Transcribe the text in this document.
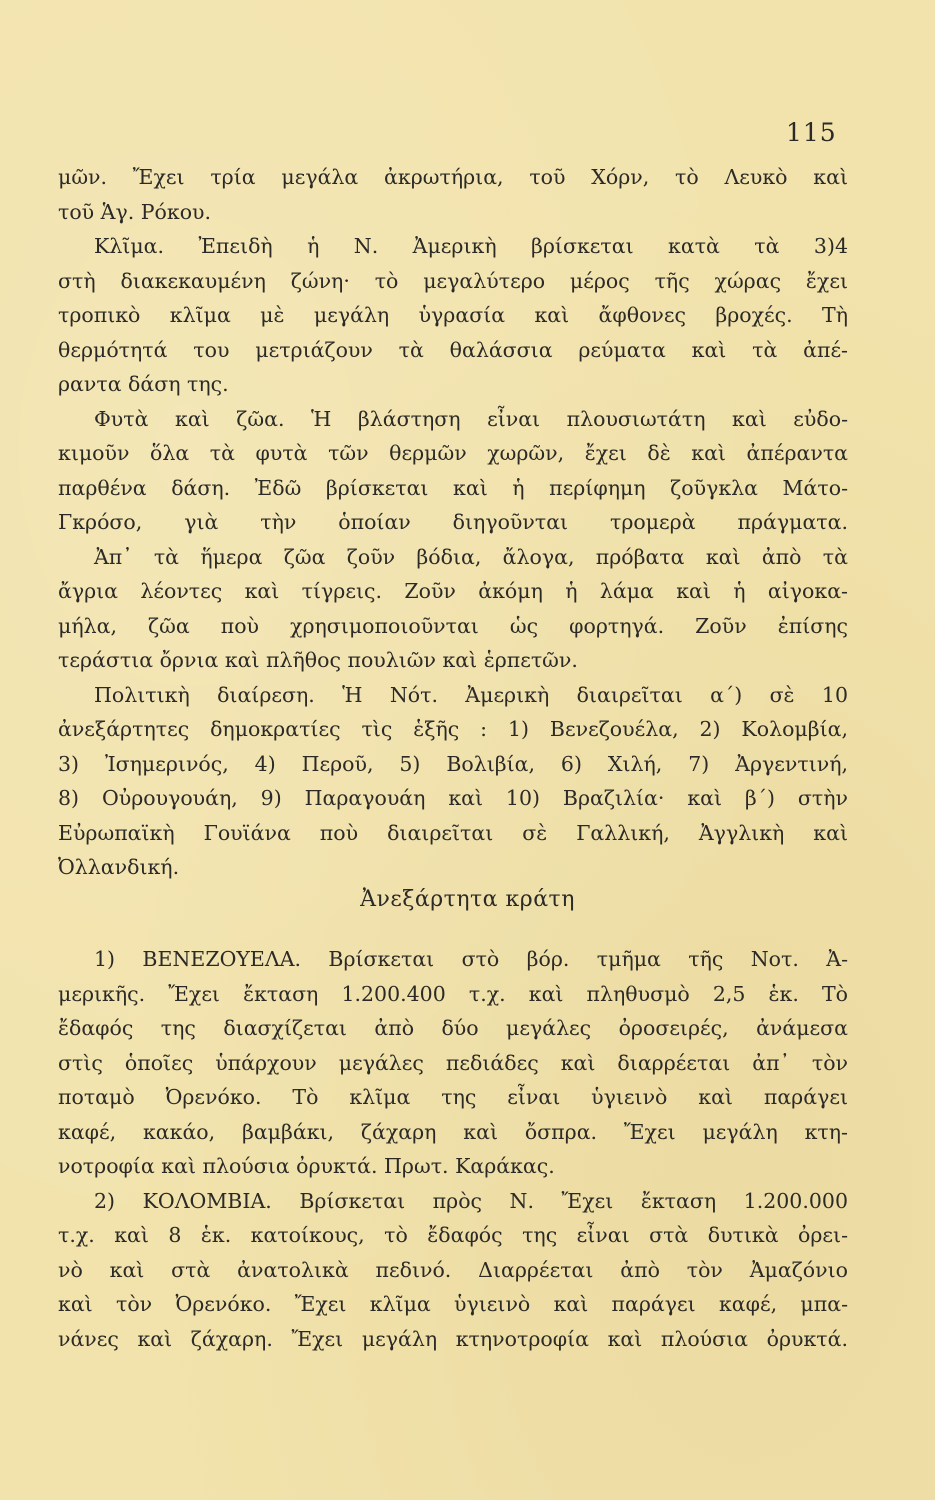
115
μῶν. Ἔχει τρία μεγάλα ἀκρωτήρια, τοῦ Χόρν, τὸ Λευκὸ καὶ
τοῦ Ἁγ. Ρόκου.
Κλῖμα. Ἐπειδὴ ἡ Ν. Ἀμερικὴ βρίσκεται κατὰ τὰ 3)4
στὴ διακεκαυμένη ζώνη· τὸ μεγαλύτερο μέρος τῆς χώρας ἔχει
τροπικὸ κλῖμα μὲ μεγάλη ὑγρασία καὶ ἄφθονες βροχές. Τὴ
θερμότητά του μετριάζουν τὰ θαλάσσια ρεύματα καὶ τὰ ἀπέ-
ραντα δάση της.
Φυτὰ καὶ ζῶα. Ἡ βλάστηση εἶναι πλουσιωτάτη καὶ εὐδο-
κιμοῦν ὅλα τὰ φυτὰ τῶν θερμῶν χωρῶν, ἔχει δὲ καὶ ἀπέραντα
παρθένα δάση. Ἐδῶ βρίσκεται καὶ ἡ περίφημη ζοῦγκλα Μάτο-
Γκρόσο, γιὰ τὴν ὁποίαν διηγοῦνται τρομερὰ πράγματα.
Ἀπ᾿ τὰ ἥμερα ζῶα ζοῦν βόδια, ἄλογα, πρόβατα καὶ ἀπὸ τὰ
ἄγρια λέοντες καὶ τίγρεις. Ζοῦν ἀκόμη ἡ λάμα καὶ ἡ αἰγοκα-
μήλα, ζῶα ποὺ χρησιμοποιοῦνται ὡς φορτηγά. Ζοῦν ἐπίσης
τεράστια ὄρνια καὶ πλῆθος πουλιῶν καὶ ἑρπετῶν.
Πολιτικὴ διαίρεση. Ἡ Νότ. Ἀμερικὴ διαιρεῖται α´) σὲ 10
ἀνεξάρτητες δημοκρατίες τὶς ἑξῆς : 1) Βενεζουέλα, 2) Κολομβία,
3) Ἰσημερινός, 4) Περοῦ, 5) Βολιβία, 6) Χιλή, 7) Ἀργεντινή,
8) Οὐρουγουάη, 9) Παραγουάη καὶ 10) Βραζιλία· καὶ β´) στὴν
Εὐρωπαϊκὴ Γουϊάνα ποὺ διαιρεῖται σὲ Γαλλική, Ἀγγλικὴ καὶ
Ὀλλανδική.
Ἀνεξάρτητα κράτη
1) ΒΕΝΕΖΟΥΕΛΑ. Βρίσκεται στὸ βόρ. τμῆμα τῆς Νοτ. Ἀ-
μερικῆς. Ἔχει ἔκταση 1.200.400 τ.χ. καὶ πληθυσμὸ 2,5 ἑκ. Τὸ
ἔδαφός της διασχίζεται ἀπὸ δύο μεγάλες ὀροσειρές, ἀνάμεσα
στὶς ὁποῖες ὑπάρχουν μεγάλες πεδιάδες καὶ διαρρέεται ἀπ᾿ τὸν
ποταμὸ Ὀρενόκο. Τὸ κλῖμα της εἶναι ὑγιεινὸ καὶ παράγει
καφέ, κακάο, βαμβάκι, ζάχαρη καὶ ὄσπρα. Ἔχει μεγάλη κτη-
νοτροφία καὶ πλούσια ὀρυκτά. Πρωτ. Καράκας.
2) ΚΟΛΟΜΒΙΑ. Βρίσκεται πρὸς Ν. Ἔχει ἔκταση 1.200.000
τ.χ. καὶ 8 ἑκ. κατοίκους, τὸ ἔδαφός της εἶναι στὰ δυτικὰ ὀρει-
νὸ καὶ στὰ ἀνατολικὰ πεδινό. Διαρρέεται ἀπὸ τὸν Ἀμαζόνιο
καὶ τὸν Ὀρενόκο. Ἔχει κλῖμα ὑγιεινὸ καὶ παράγει καφέ, μπα-
νάνες καὶ ζάχαρη. Ἔχει μεγάλη κτηνοτροφία καὶ πλούσια ὀρυκτά.
